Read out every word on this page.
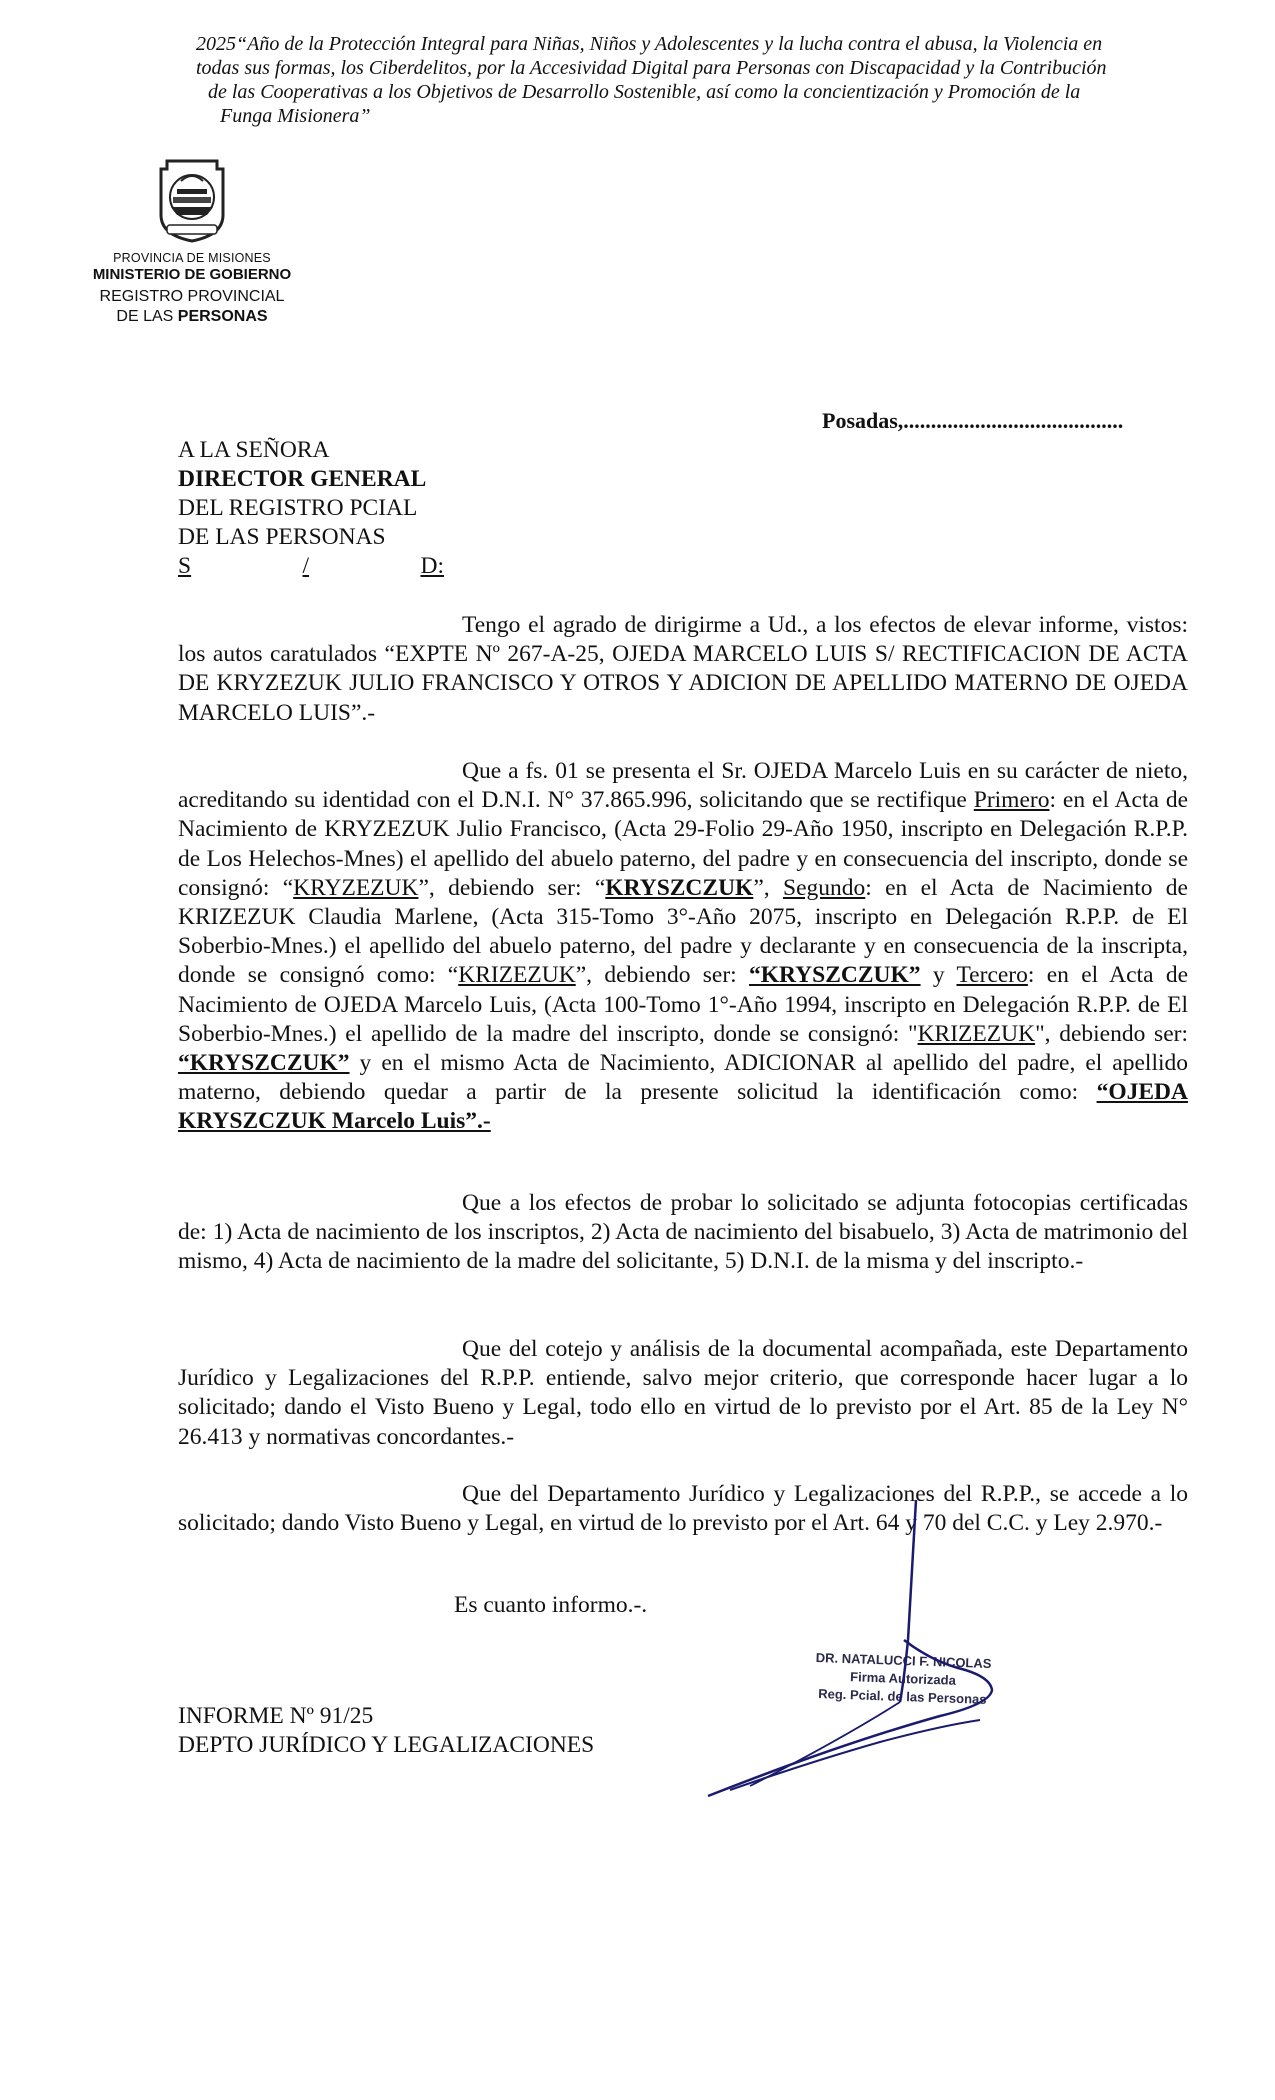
2025“Año de la Protección Integral para Niñas, Niños y Adolescentes y la lucha contra el abusa, la Violencia en
todas sus formas, los Ciberdelitos, por la Accesividad Digital para Personas con Discapacidad y la Contribución
de las Cooperativas a los Objetivos de Desarrollo Sostenible, así como la concientización y Promoción de la
Funga Misionera”
PROVINCIA DE MISIONES
MINISTERIO DE GOBIERNO
REGISTRO PROVINCIAL
DE LAS PERSONAS
Posadas,........................................
A LA SEÑORA
DIRECTOR GENERAL
DEL REGISTRO PCIAL
DE LAS PERSONAS
S	/	D:

Tengo el agrado de dirigirme a Ud., a los efectos de elevar informe, vistos: los autos caratulados “EXPTE Nº 267-A-25, OJEDA MARCELO LUIS S/ RECTIFICACION DE ACTA DE KRYZEZUK JULIO FRANCISCO Y OTROS Y ADICION DE APELLIDO MATERNO DE OJEDA MARCELO LUIS”.-

Que a fs. 01 se presenta el Sr. OJEDA Marcelo Luis en su carácter de nieto, acreditando su identidad con el D.N.I. N° 37.865.996, solicitando que se rectifique Primero: en el Acta de Nacimiento de KRYZEZUK Julio Francisco, (Acta 29-Folio 29-Año 1950, inscripto en Delegación R.P.P. de Los Helechos-Mnes) el apellido del abuelo paterno, del padre y en consecuencia del inscripto, donde se consignó: “KRYZEZUK”, debiendo ser: “KRYSZCZUK”, Segundo: en el Acta de Nacimiento de KRIZEZUK Claudia Marlene, (Acta 315-Tomo 3°-Año 2075, inscripto en Delegación R.P.P. de El Soberbio-Mnes.) el apellido del abuelo paterno, del padre y declarante y en consecuencia de la inscripta, donde se consignó como: “KRIZEZUK”, debiendo ser: “KRYSZCZUK” y Tercero: en el Acta de Nacimiento de OJEDA Marcelo Luis, (Acta 100-Tomo 1°-Año 1994, inscripto en Delegación R.P.P. de El Soberbio-Mnes.) el apellido de la madre del inscripto, donde se consignó: "KRIZEZUK", debiendo ser: “KRYSZCZUK” y en el mismo Acta de Nacimiento, ADICIONAR al apellido del padre, el apellido materno, debiendo quedar a partir de la presente solicitud la identificación como: “OJEDA KRYSZCZUK Marcelo Luis”.-

Que a los efectos de probar lo solicitado se adjunta fotocopias certificadas de: 1) Acta de nacimiento de los inscriptos, 2) Acta de nacimiento del bisabuelo, 3) Acta de matrimonio del mismo, 4) Acta de nacimiento de la madre del solicitante, 5) D.N.I. de la misma y del inscripto.-

Que del cotejo y análisis de la documental acompañada, este Departamento Jurídico y Legalizaciones del R.P.P. entiende, salvo mejor criterio, que corresponde hacer lugar a lo solicitado; dando el Visto Bueno y Legal, todo ello en virtud de lo previsto por el Art. 85 de la Ley N° 26.413 y normativas concordantes.-

Que del Departamento Jurídico y Legalizaciones del R.P.P., se accede a lo solicitado; dando Visto Bueno y Legal, en virtud de lo previsto por el Art. 64 y 70 del C.C. y Ley 2.970.-

Es cuanto informo.-.
INFORME Nº 91/25
DEPTO JURÍDICO Y LEGALIZACIONES
DR. NATALUCCI F. NICOLAS
Firma Autorizada
Reg. Pcial. de las Personas
